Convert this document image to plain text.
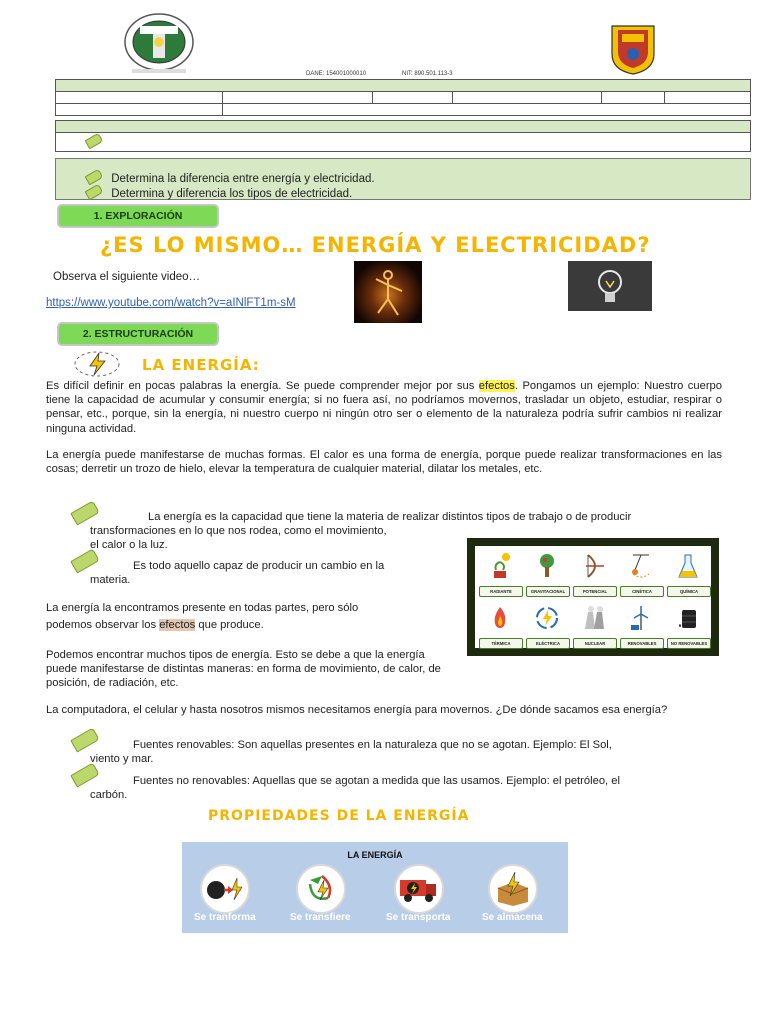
DANE: 154001000010	NIT: 890.501.113-3

Determina la diferencia entre energía y electricidad.
Determina y diferencia los tipos de electricidad.
1. EXPLORACIÓN
¿ES LO MISMO… ENERGÍA Y ELECTRICIDAD?
Observa el siguiente video…
https://www.youtube.com/watch?v=aINlFT1m-sM
2. ESTRUCTURACIÓN
LA ENERGÍA:
Es difícil definir en pocas palabras la energía. Se puede comprender mejor por sus efectos. Pongamos un ejemplo: Nuestro cuerpo tiene la capacidad de acumular y consumir energía; si no fuera así, no podríamos movernos, trasladar un objeto, estudiar, respirar o pensar, etc., porque, sin la energía, ni nuestro cuerpo ni ningún otro ser o elemento de la naturaleza podría sufrir cambios ni realizar ninguna actividad.
La energía puede manifestarse de muchas formas. El calor es una forma de energía, porque puede realizar transformaciones en las cosas; derretir un trozo de hielo, elevar la temperatura de cualquier material, dilatar los metales, etc.
La energía es la capacidad que tiene la materia de realizar distintos tipos de trabajo o de producir
transformaciones en lo que nos rodea, como el movimiento,
el calor o la luz.
Es todo aquello capaz de producir un cambio en la
materia.
La energía la encontramos presente en todas partes, pero sólo
podemos observar los efectos que produce.
Podemos encontrar muchos tipos de energía. Esto se debe a que la energía puede manifestarse de distintas maneras: en forma de movimiento, de calor, de posición, de radiación, etc.
RADIANTE	GRAVITACIONAL	POTENCIAL	CINÉTICA	QUÍMICA
TÉRMICA	ELÉCTRICA	NUCLEAR	RENOVABLES	NO RENOVABLES
La computadora, el celular y hasta nosotros mismos necesitamos energía para movernos. ¿De dónde sacamos esa energía?
Fuentes renovables: Son aquellas presentes en la naturaleza que no se agotan. Ejemplo: El Sol,
viento y mar.
Fuentes no renovables: Aquellas que se agotan a medida que las usamos. Ejemplo: el petróleo, el
carbón.
PROPIEDADES DE LA ENERGÍA
LA ENERGÍA
Se tranforma	Se transfiere	Se transporta	Se almacena
